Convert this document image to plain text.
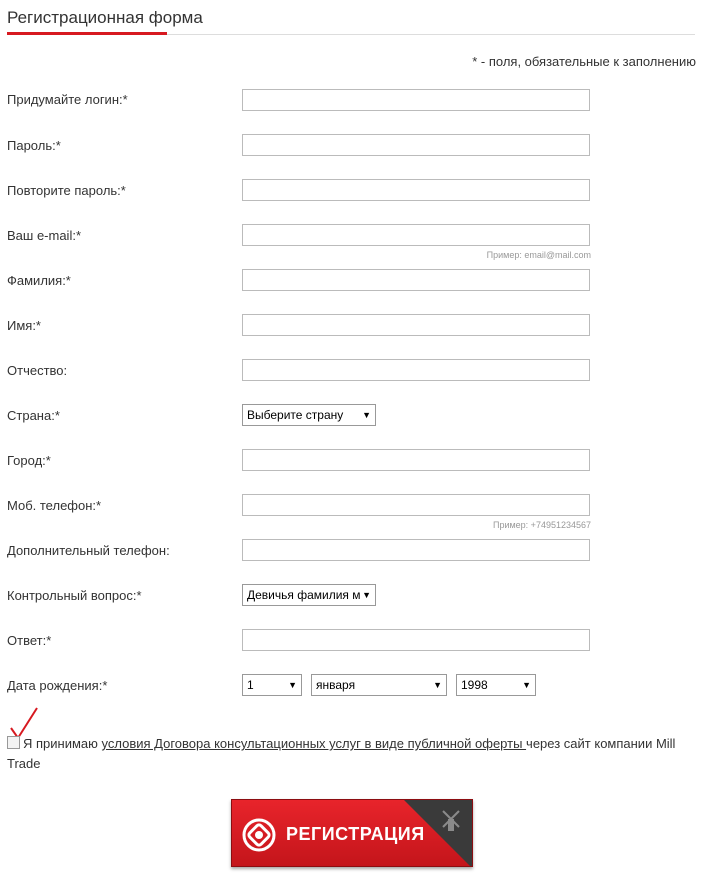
Регистрационная форма
* - поля, обязательные к заполнению
Придумайте логин:*
Пароль:*
Повторите пароль:*
Ваш e-mail:*
Пример: email@mail.com
Фамилия:*
Имя:*
Отчество:
Страна:*	Выберите страну ▼
Город:*
Моб. телефон:*
Пример: +74951234567
Дополнительный телефон:
Контрольный вопрос:*	Девичья фамилия м ▼
Ответ:*
Дата рождения:*	1	▼	января	▼	1998	▼
Я принимаю условия Договора консультационных услуг в виде публичной оферты через сайт компании Mill Trade
РЕГИСТРАЦИЯ
